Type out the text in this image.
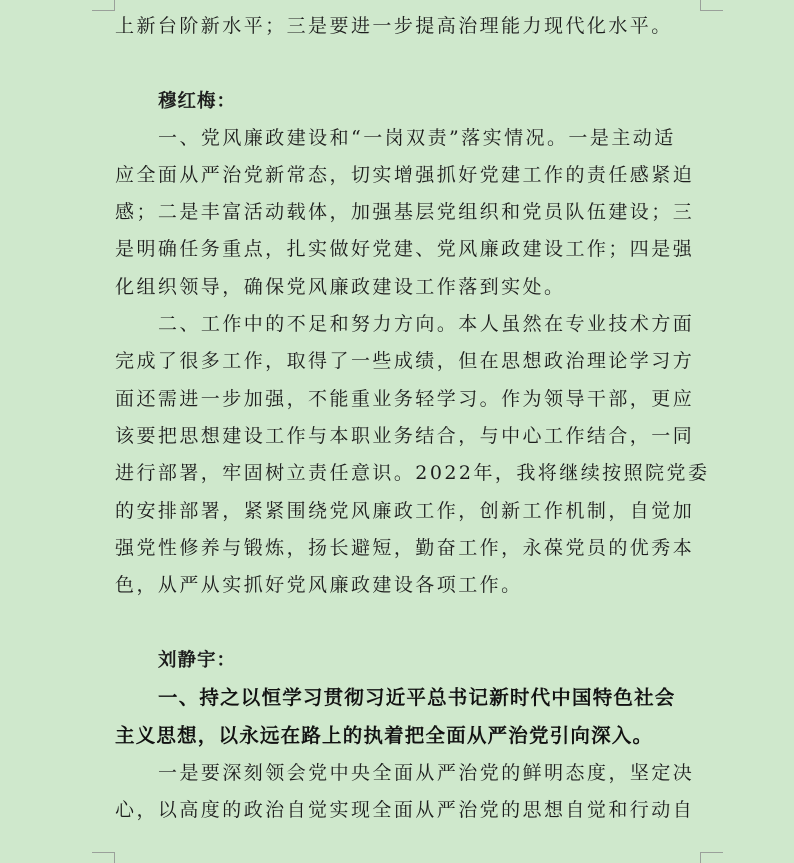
上新台阶新水平；三是要进一步提高治理能力现代化水平。
穆红梅：
一、党风廉政建设和“一岗双责”落实情况。一是主动适
应全面从严治党新常态，切实增强抓好党建工作的责任感紧迫
感；二是丰富活动载体，加强基层党组织和党员队伍建设；三
是明确任务重点，扎实做好党建、党风廉政建设工作；四是强
化组织领导，确保党风廉政建设工作落到实处。
二、工作中的不足和努力方向。本人虽然在专业技术方面
完成了很多工作，取得了一些成绩，但在思想政治理论学习方
面还需进一步加强，不能重业务轻学习。作为领导干部，更应
该要把思想建设工作与本职业务结合，与中心工作结合，一同
进行部署，牢固树立责任意识。2022年，我将继续按照院党委
的安排部署，紧紧围绕党风廉政工作，创新工作机制，自觉加
强党性修养与锻炼，扬长避短，勤奋工作，永葆党员的优秀本
色，从严从实抓好党风廉政建设各项工作。
刘静宇：
一、持之以恒学习贯彻习近平总书记新时代中国特色社会
主义思想，以永远在路上的执着把全面从严治党引向深入。
一是要深刻领会党中央全面从严治党的鲜明态度，坚定决
心，以高度的政治自觉实现全面从严治党的思想自觉和行动自
